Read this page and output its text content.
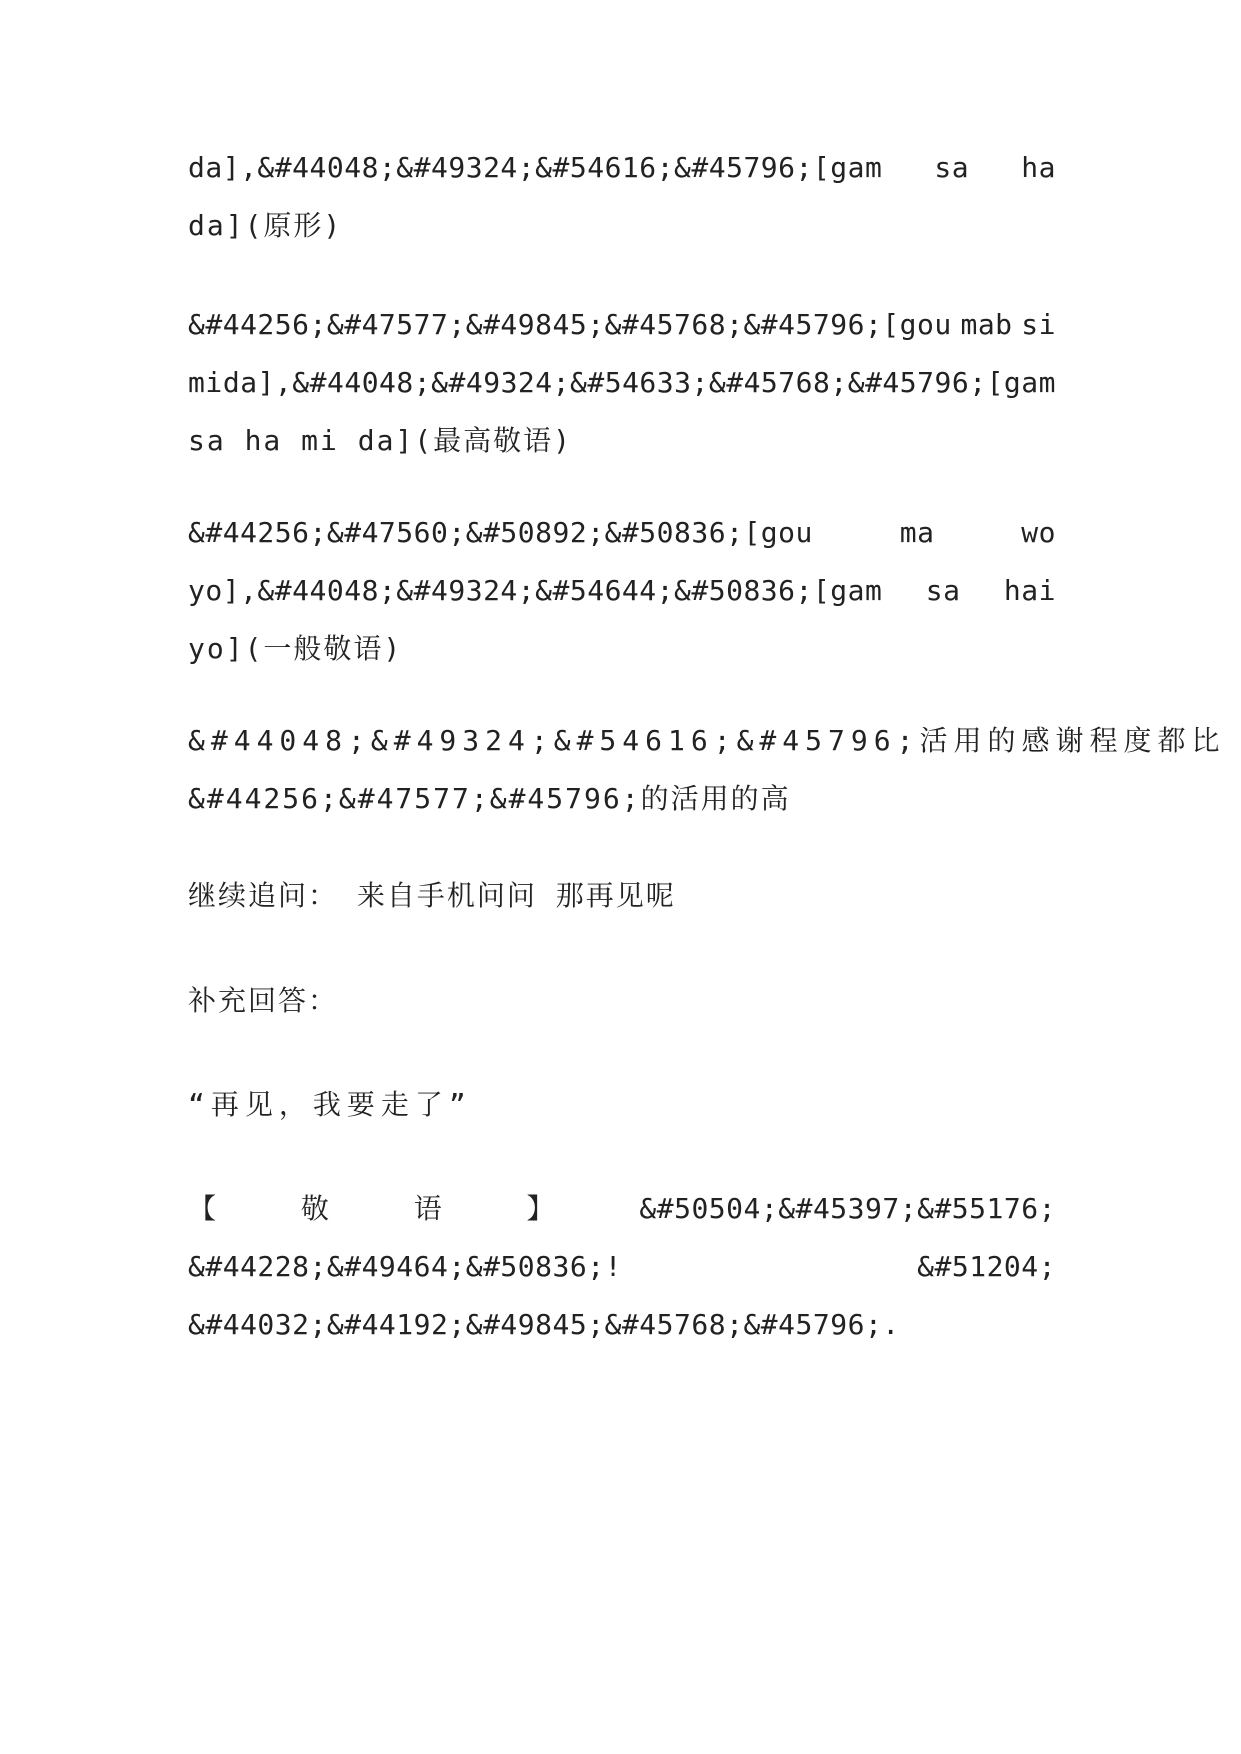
da],&#44048;&#49324;&#54616;&#45796;[gam sa ha
da](原形)
&#44256;&#47577;&#49845;&#45768;&#45796;[gou mab si
mi da],&#44048;&#49324;&#54633;&#45768;&#45796;[gam
sa ha mi da](最高敬语)
&#44256;&#47560;&#50892;&#50836;[gou	ma	wo
yo],&#44048;&#49324;&#54644;&#50836;[gam sa hai
yo](一般敬语)
&#44048;&#49324;&#54616;&#45796;活用的感谢程度都比
&#44256;&#47577;&#45796;的活用的高
继续追问： 来自手机问问 那再见呢
补充回答：
“再见，我要走了”
【	敬	语	】	&#50504;&#45397;&#55176;
&#44228;&#49464;&#50836;!	&#51204;
&#44032;&#44192;&#49845;&#45768;&#45796;.
